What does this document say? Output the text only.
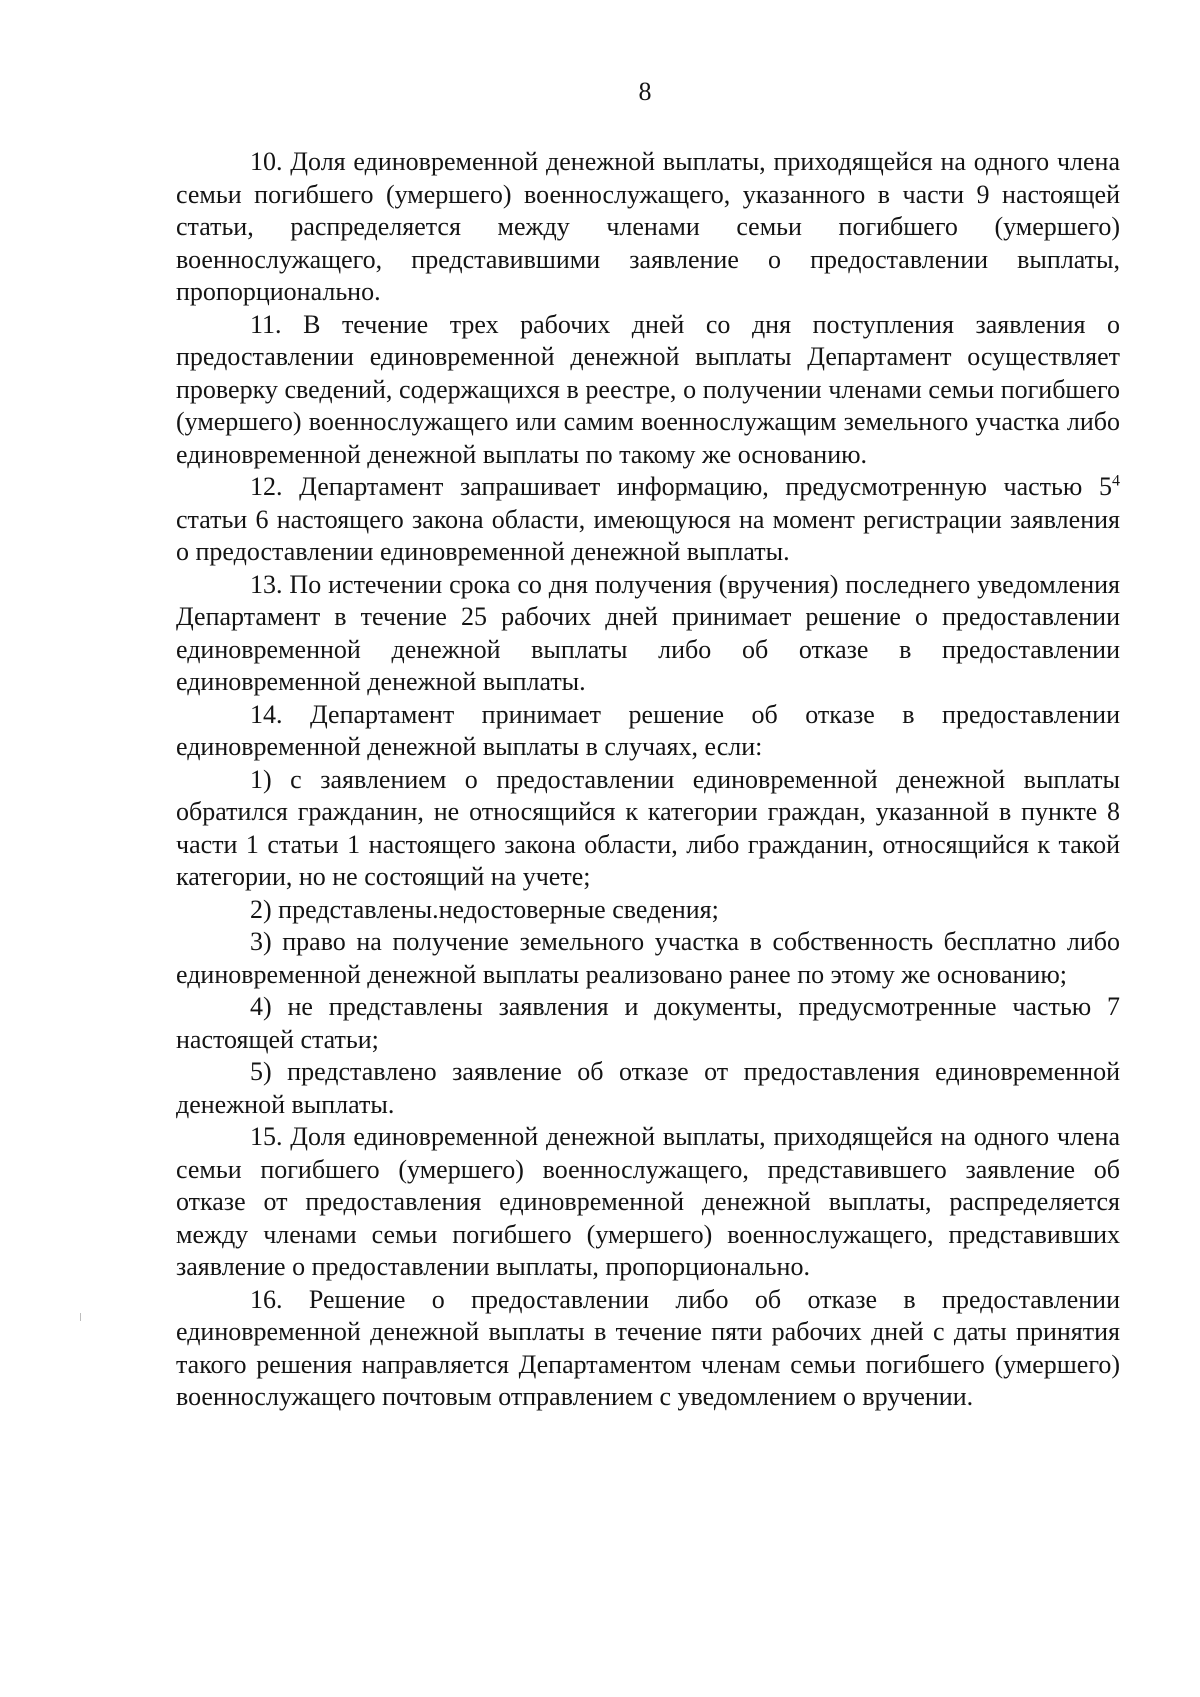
8

10. Доля единовременной денежной выплаты, приходящейся на одного члена семьи погибшего (умершего) военнослужащего, указанного в части 9 настоящей статьи, распределяется между членами семьи погибшего (умершего) военнослужащего, представившими заявление о предоставлении выплаты, пропорционально.

11. В течение трех рабочих дней со дня поступления заявления о предоставлении единовременной денежной выплаты Департамент осуществляет проверку сведений, содержащихся в реестре, о получении членами семьи погибшего (умершего) военнослужащего или самим военнослужащим земельного участка либо единовременной денежной выплаты по такому же основанию.

12. Департамент запрашивает информацию, предусмотренную частью $5^4$ статьи 6 настоящего закона области, имеющуюся на момент регистрации заявления о предоставлении единовременной денежной выплаты.

13. По истечении срока со дня получения (вручения) последнего уведомления Департамент в течение 25 рабочих дней принимает решение о предоставлении единовременной денежной выплаты либо об отказе в предоставлении единовременной денежной выплаты.

14. Департамент принимает решение об отказе в предоставлении единовременной денежной выплаты в случаях, если:

1) с заявлением о предоставлении единовременной денежной выплаты обратился гражданин, не относящийся к категории граждан, указанной в пункте 8 части 1 статьи 1 настоящего закона области, либо гражданин, относящийся к такой категории, но не состоящий на учете;

2) представлены.недостоверные сведения;

3) право на получение земельного участка в собственность бесплатно либо единовременной денежной выплаты реализовано ранее по этому же основанию;

4) не представлены заявления и документы, предусмотренные частью 7 настоящей статьи;

5) представлено заявление об отказе от предоставления единовременной денежной выплаты.

15. Доля единовременной денежной выплаты, приходящейся на одного члена семьи погибшего (умершего) военнослужащего, представившего заявление об отказе от предоставления единовременной денежной выплаты, распределяется между членами семьи погибшего (умершего) военнослужащего, представивших заявление о предоставлении выплаты, пропорционально.

16. Решение о предоставлении либо об отказе в предоставлении единовременной денежной выплаты в течение пяти рабочих дней с даты принятия такого решения направляется Департаментом членам семьи погибшего (умершего) военнослужащего почтовым отправлением с уведомлением о вручении.
